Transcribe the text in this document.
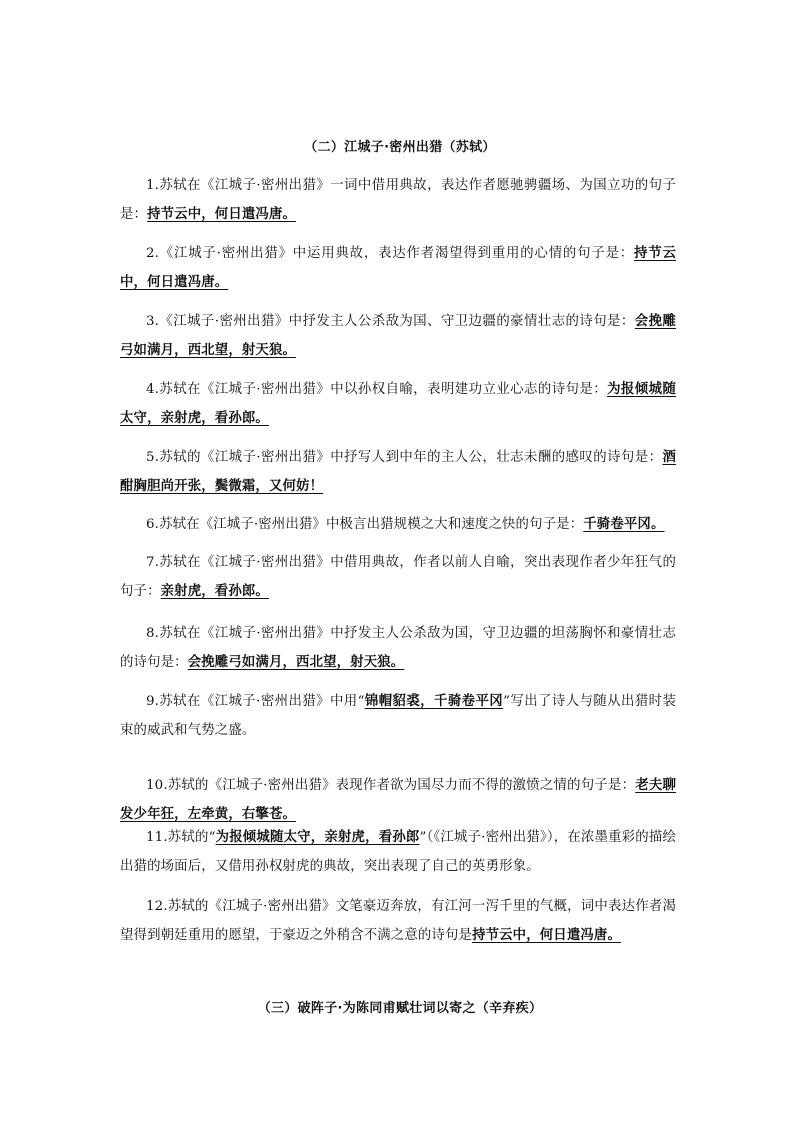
（二）江城子·密州出猎（苏轼）

1.苏轼在《江城子·密州出猎》一词中借用典故，表达作者愿驰骋疆场、为国立功的句子是：持节云中，何日遣冯唐。

2.《江城子·密州出猎》中运用典故，表达作者渴望得到重用的心情的句子是：持节云中，何日遣冯唐。

3.《江城子·密州出猎》中抒发主人公杀敌为国、守卫边疆的豪情壮志的诗句是：会挽雕弓如满月，西北望，射天狼。

4.苏轼在《江城子·密州出猎》中以孙权自喻，表明建功立业心志的诗句是：为报倾城随太守，亲射虎，看孙郎。

5.苏轼的《江城子·密州出猎》中抒写人到中年的主人公，壮志未酬的感叹的诗句是：酒酣胸胆尚开张，鬓微霜，又何妨！

6.苏轼在《江城子·密州出猎》中极言出猎规模之大和速度之快的句子是：千骑卷平冈。

7.苏轼在《江城子·密州出猎》中借用典故，作者以前人自喻，突出表现作者少年狂气的句子：亲射虎，看孙郎。

8.苏轼在《江城子·密州出猎》中抒发主人公杀敌为国，守卫边疆的坦荡胸怀和豪情壮志的诗句是：会挽雕弓如满月，西北望，射天狼。

9.苏轼在《江城子·密州出猎》中用“锦帽貂裘，千骑卷平冈”写出了诗人与随从出猎时装束的威武和气势之盛。

10.苏轼的《江城子·密州出猎》表现作者欲为国尽力而不得的激愤之情的句子是：老夫聊发少年狂，左牵黄，右擎苍。

11.苏轼的“为报倾城随太守，亲射虎，看孙郎”（《江城子·密州出猎》），在浓墨重彩的描绘出猎的场面后，又借用孙权射虎的典故，突出表现了自己的英勇形象。

12.苏轼的《江城子·密州出猎》文笔豪迈奔放，有江河一泻千里的气概，词中表达作者渴望得到朝廷重用的愿望，于豪迈之外稍含不满之意的诗句是持节云中，何日遣冯唐。

（三）破阵子·为陈同甫赋壮词以寄之（辛弃疾）
